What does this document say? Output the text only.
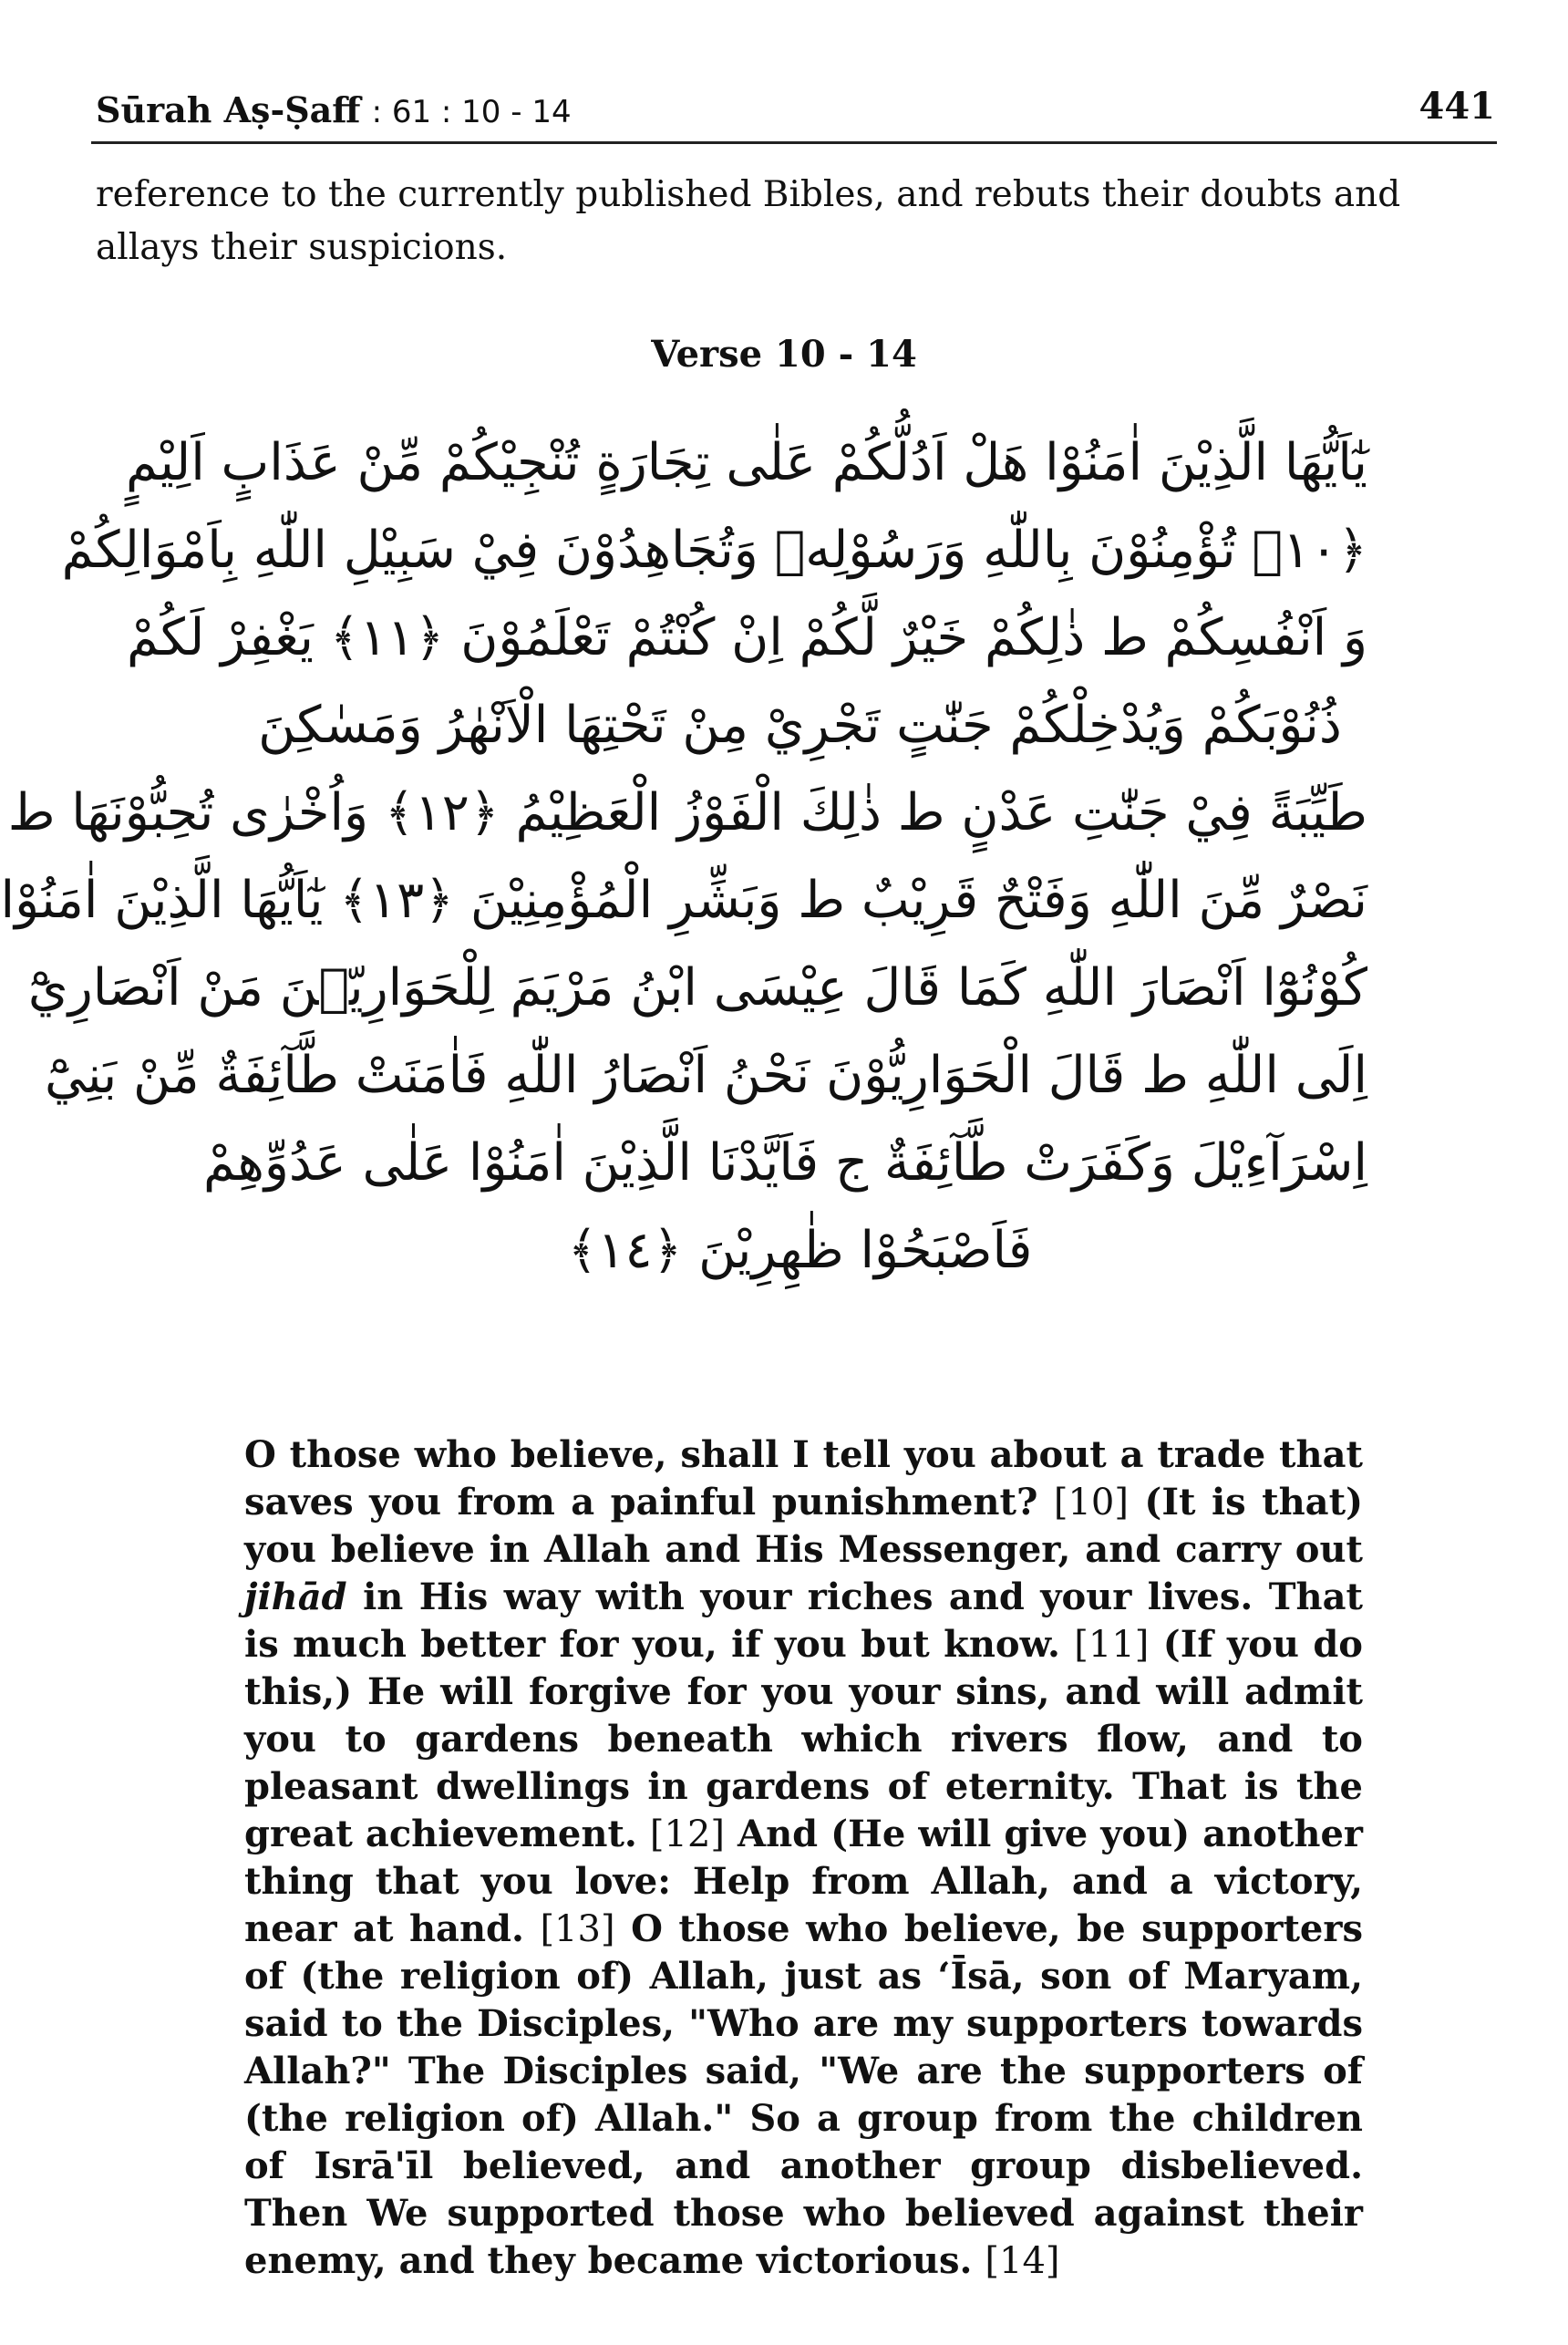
Sūrah Aṣ-Ṣaff : 61 : 10 - 14	441

reference to the currently published Bibles, and rebuts their doubts and allays their suspicions.

Verse 10 - 14
يٰٓاَيُّهَا الَّذِيْنَ اٰمَنُوْا هَلْ اَدُلُّكُمْ عَلٰى تِجَارَةٍ تُنْجِيْكُمْ مِّنْ عَذَابٍ اَلِيْمٍ
﴿١٠﴾ تُؤْمِنُوْنَ بِاللّٰهِ وَرَسُوْلِهٖ وَتُجَاهِدُوْنَ فِيْ سَبِيْلِ اللّٰهِ بِاَمْوَالِكُمْ
وَ اَنْفُسِكُمْ ط ذٰلِكُمْ خَيْرٌ لَّكُمْ اِنْ كُنْتُمْ تَعْلَمُوْنَ ﴿١١﴾ يَغْفِرْ لَكُمْ
ذُنُوْبَكُمْ وَيُدْخِلْكُمْ جَنّٰتٍ تَجْرِيْ مِنْ تَحْتِهَا الْاَنْهٰرُ وَمَسٰكِنَ
طَيِّبَةً فِيْ جَنّٰتِ عَدْنٍ ط ذٰلِكَ الْفَوْزُ الْعَظِيْمُ ﴿١٢﴾ وَاُخْرٰى تُحِبُّوْنَهَا ط
نَصْرٌ مِّنَ اللّٰهِ وَفَتْحٌ قَرِيْبٌ ط وَبَشِّرِ الْمُؤْمِنِيْنَ ﴿١٣﴾ يٰٓاَيُّهَا الَّذِيْنَ اٰمَنُوْا
كُوْنُوْٓا اَنْصَارَ اللّٰهِ كَمَا قَالَ عِيْسَى ابْنُ مَرْيَمَ لِلْحَوَارِيّٖنَ مَنْ اَنْصَارِيْٓ
اِلَى اللّٰهِ ط قَالَ الْحَوَارِيُّوْنَ نَحْنُ اَنْصَارُ اللّٰهِ فَاٰمَنَتْ طَّآئِفَةٌ مِّنْ بَنِيْٓ
اِسْرَآءِيْلَ وَكَفَرَتْ طَّآئِفَةٌ ج فَاَيَّدْنَا الَّذِيْنَ اٰمَنُوْا عَلٰى عَدُوِّهِمْ
فَاَصْبَحُوْا ظٰهِرِيْنَ ﴿١٤﴾

O those who believe, shall I tell you about a trade that saves you from a painful punishment? [10] (It is that) you believe in Allah and His Messenger, and carry out jihād in His way with your riches and your lives. That is much better for you, if you but know. [11] (If you do this,) He will forgive for you your sins, and will admit you to gardens beneath which rivers flow, and to pleasant dwellings in gardens of eternity. That is the great achievement. [12] And (He will give you) another thing that you love: Help from Allah, and a victory, near at hand. [13] O those who believe, be supporters of (the religion of) Allah, just as ʻĪsā, son of Maryam, said to the Disciples, "Who are my supporters towards Allah?" The Disciples said, "We are the supporters of (the religion of) Allah." So a group from the children of Isrā'īl believed, and another group disbelieved. Then We supported those who believed against their enemy, and they became victorious. [14]
